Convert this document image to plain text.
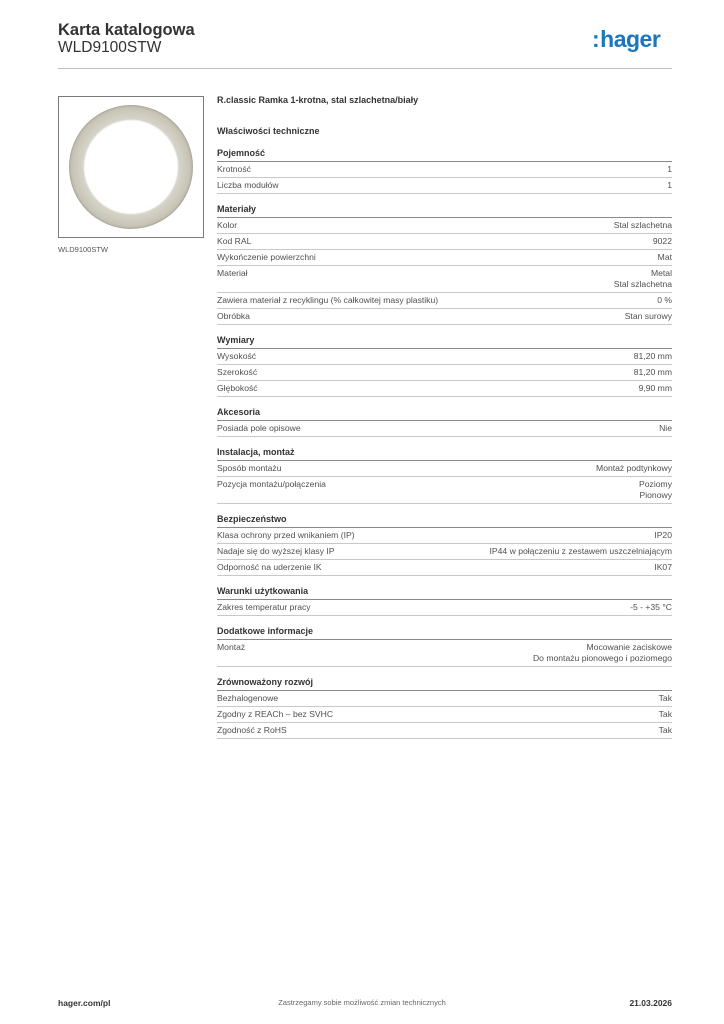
Karta katalogowa
WLD9100STW	:hager
WLD9100STW
R.classic Ramka 1-krotna, stal szlachetna/biały
Właściwości techniczne
Pojemność
Krotność	1
Liczba modułów	1
Materiały
Kolor	Stal szlachetna
Kod RAL	9022
Wykończenie powierzchni	Mat
Materiał	Metal
Stal szlachetna
Zawiera materiał z recyklingu (% całkowitej masy plastiku)	0 %
Obróbka	Stan surowy
Wymiary
Wysokość	81,20 mm
Szerokość	81,20 mm
Głębokość	9,90 mm
Akcesoria
Posiada pole opisowe	Nie
Instalacja, montaż
Sposób montażu	Montaż podtynkowy
Pozycja montażu/połączenia	Poziomy
Pionowy
Bezpieczeństwo
Klasa ochrony przed wnikaniem (IP)	IP20
Nadaje się do wyższej klasy IP	IP44 w połączeniu z zestawem uszczelniającym
Odporność na uderzenie IK	IK07
Warunki użytkowania
Zakres temperatur pracy	-5 - +35 °C
Dodatkowe informacje
Montaż	Mocowanie zaciskowe
Do montażu pionowego i poziomego
Zrównoważony rozwój
Bezhalogenowe	Tak
Zgodny z REACh – bez SVHC	Tak
Zgodność z RoHS	Tak
hager.com/pl	Zastrzegamy sobie możliwość zmian technicznych	21.03.2026
